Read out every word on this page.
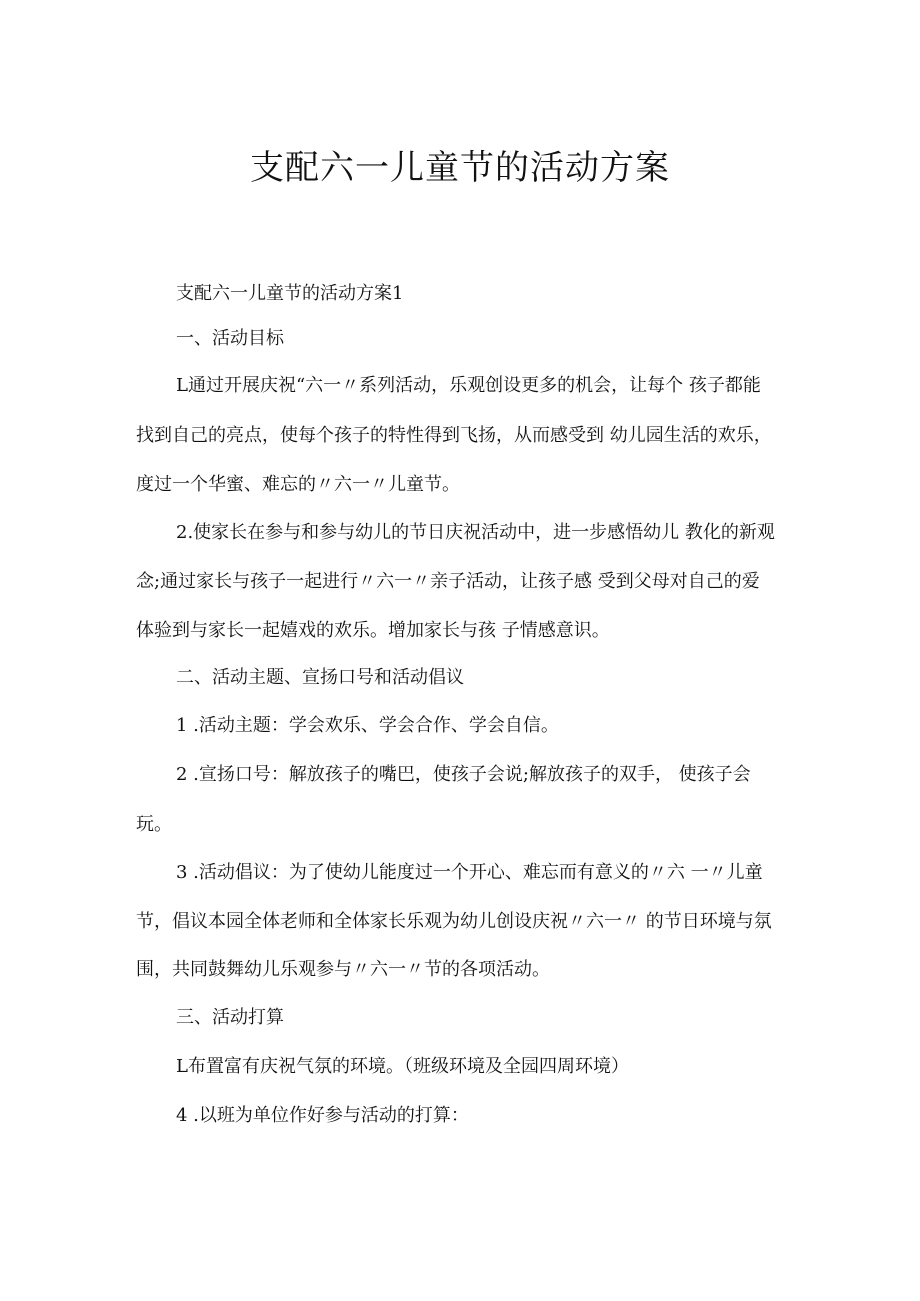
支配六一儿童节的活动方案

支配六一儿童节的活动方案1

一、活动目标

L通过开展庆祝“六一〃系列活动，乐观创设更多的机会，让每个 孩子都能

找到自己的亮点，使每个孩子的特性得到飞扬，从而感受到 幼儿园生活的欢乐，

度过一个华蜜、难忘的〃六一〃儿童节。

2.使家长在参与和参与幼儿的节日庆祝活动中，进一步感悟幼儿 教化的新观

念;通过家长与孩子一起进行〃六一〃亲子活动，让孩子感 受到父母对自己的爱

体验到与家长一起嬉戏的欢乐。增加家长与孩 子情感意识。

二、活动主题、宣扬口号和活动倡议

1 .活动主题：学会欢乐、学会合作、学会自信。

2 .宣扬口号：解放孩子的嘴巴，使孩子会说;解放孩子的双手， 使孩子会

玩。

3 .活动倡议：为了使幼儿能度过一个开心、难忘而有意义的〃六 一〃儿童

节，倡议本园全体老师和全体家长乐观为幼儿创设庆祝〃六一〃 的节日环境与氛

围，共同鼓舞幼儿乐观参与〃六一〃节的各项活动。

三、活动打算

L布置富有庆祝气氛的环境。（班级环境及全园四周环境）

4 .以班为单位作好参与活动的打算：
